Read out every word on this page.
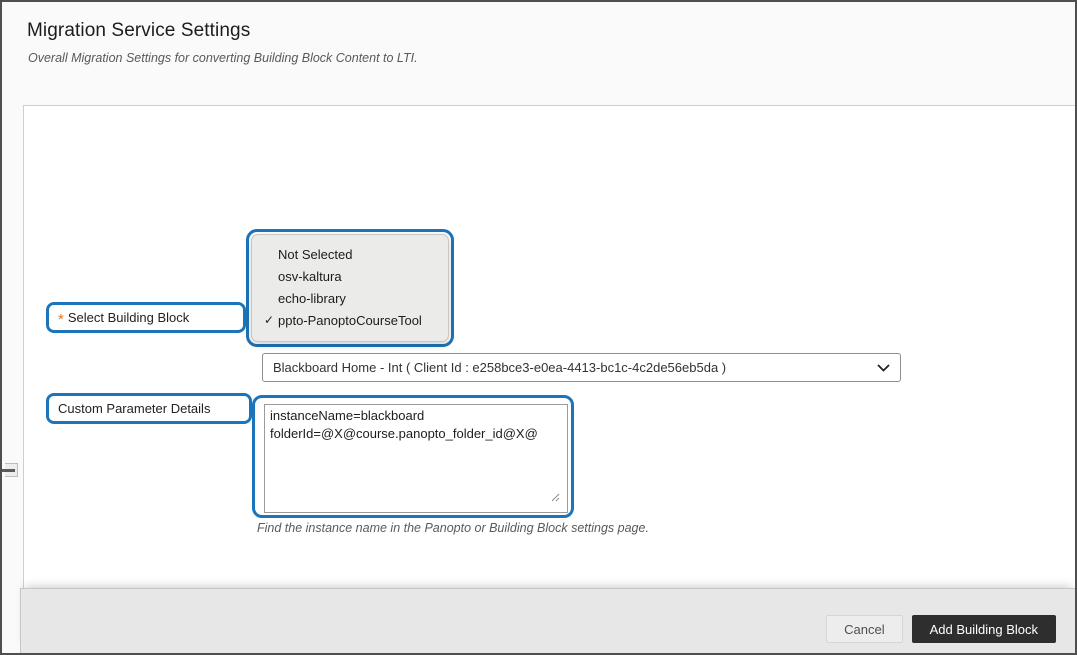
Migration Service Settings
Overall Migration Settings for converting Building Block Content to LTI.
* Select Building Block
Not Selected
osv-kaltura
echo-library
✓ ppto-PanoptoCourseTool
Blackboard Home - Int ( Client Id : e258bce3-e0ea-4413-bc1c-4c2de56eb5da )
Custom Parameter Details
instanceName=blackboard folderId=@X@course.panopto_folder_id@X@
Find the instance name in the Panopto or Building Block settings page.
Cancel	Add Building Block
